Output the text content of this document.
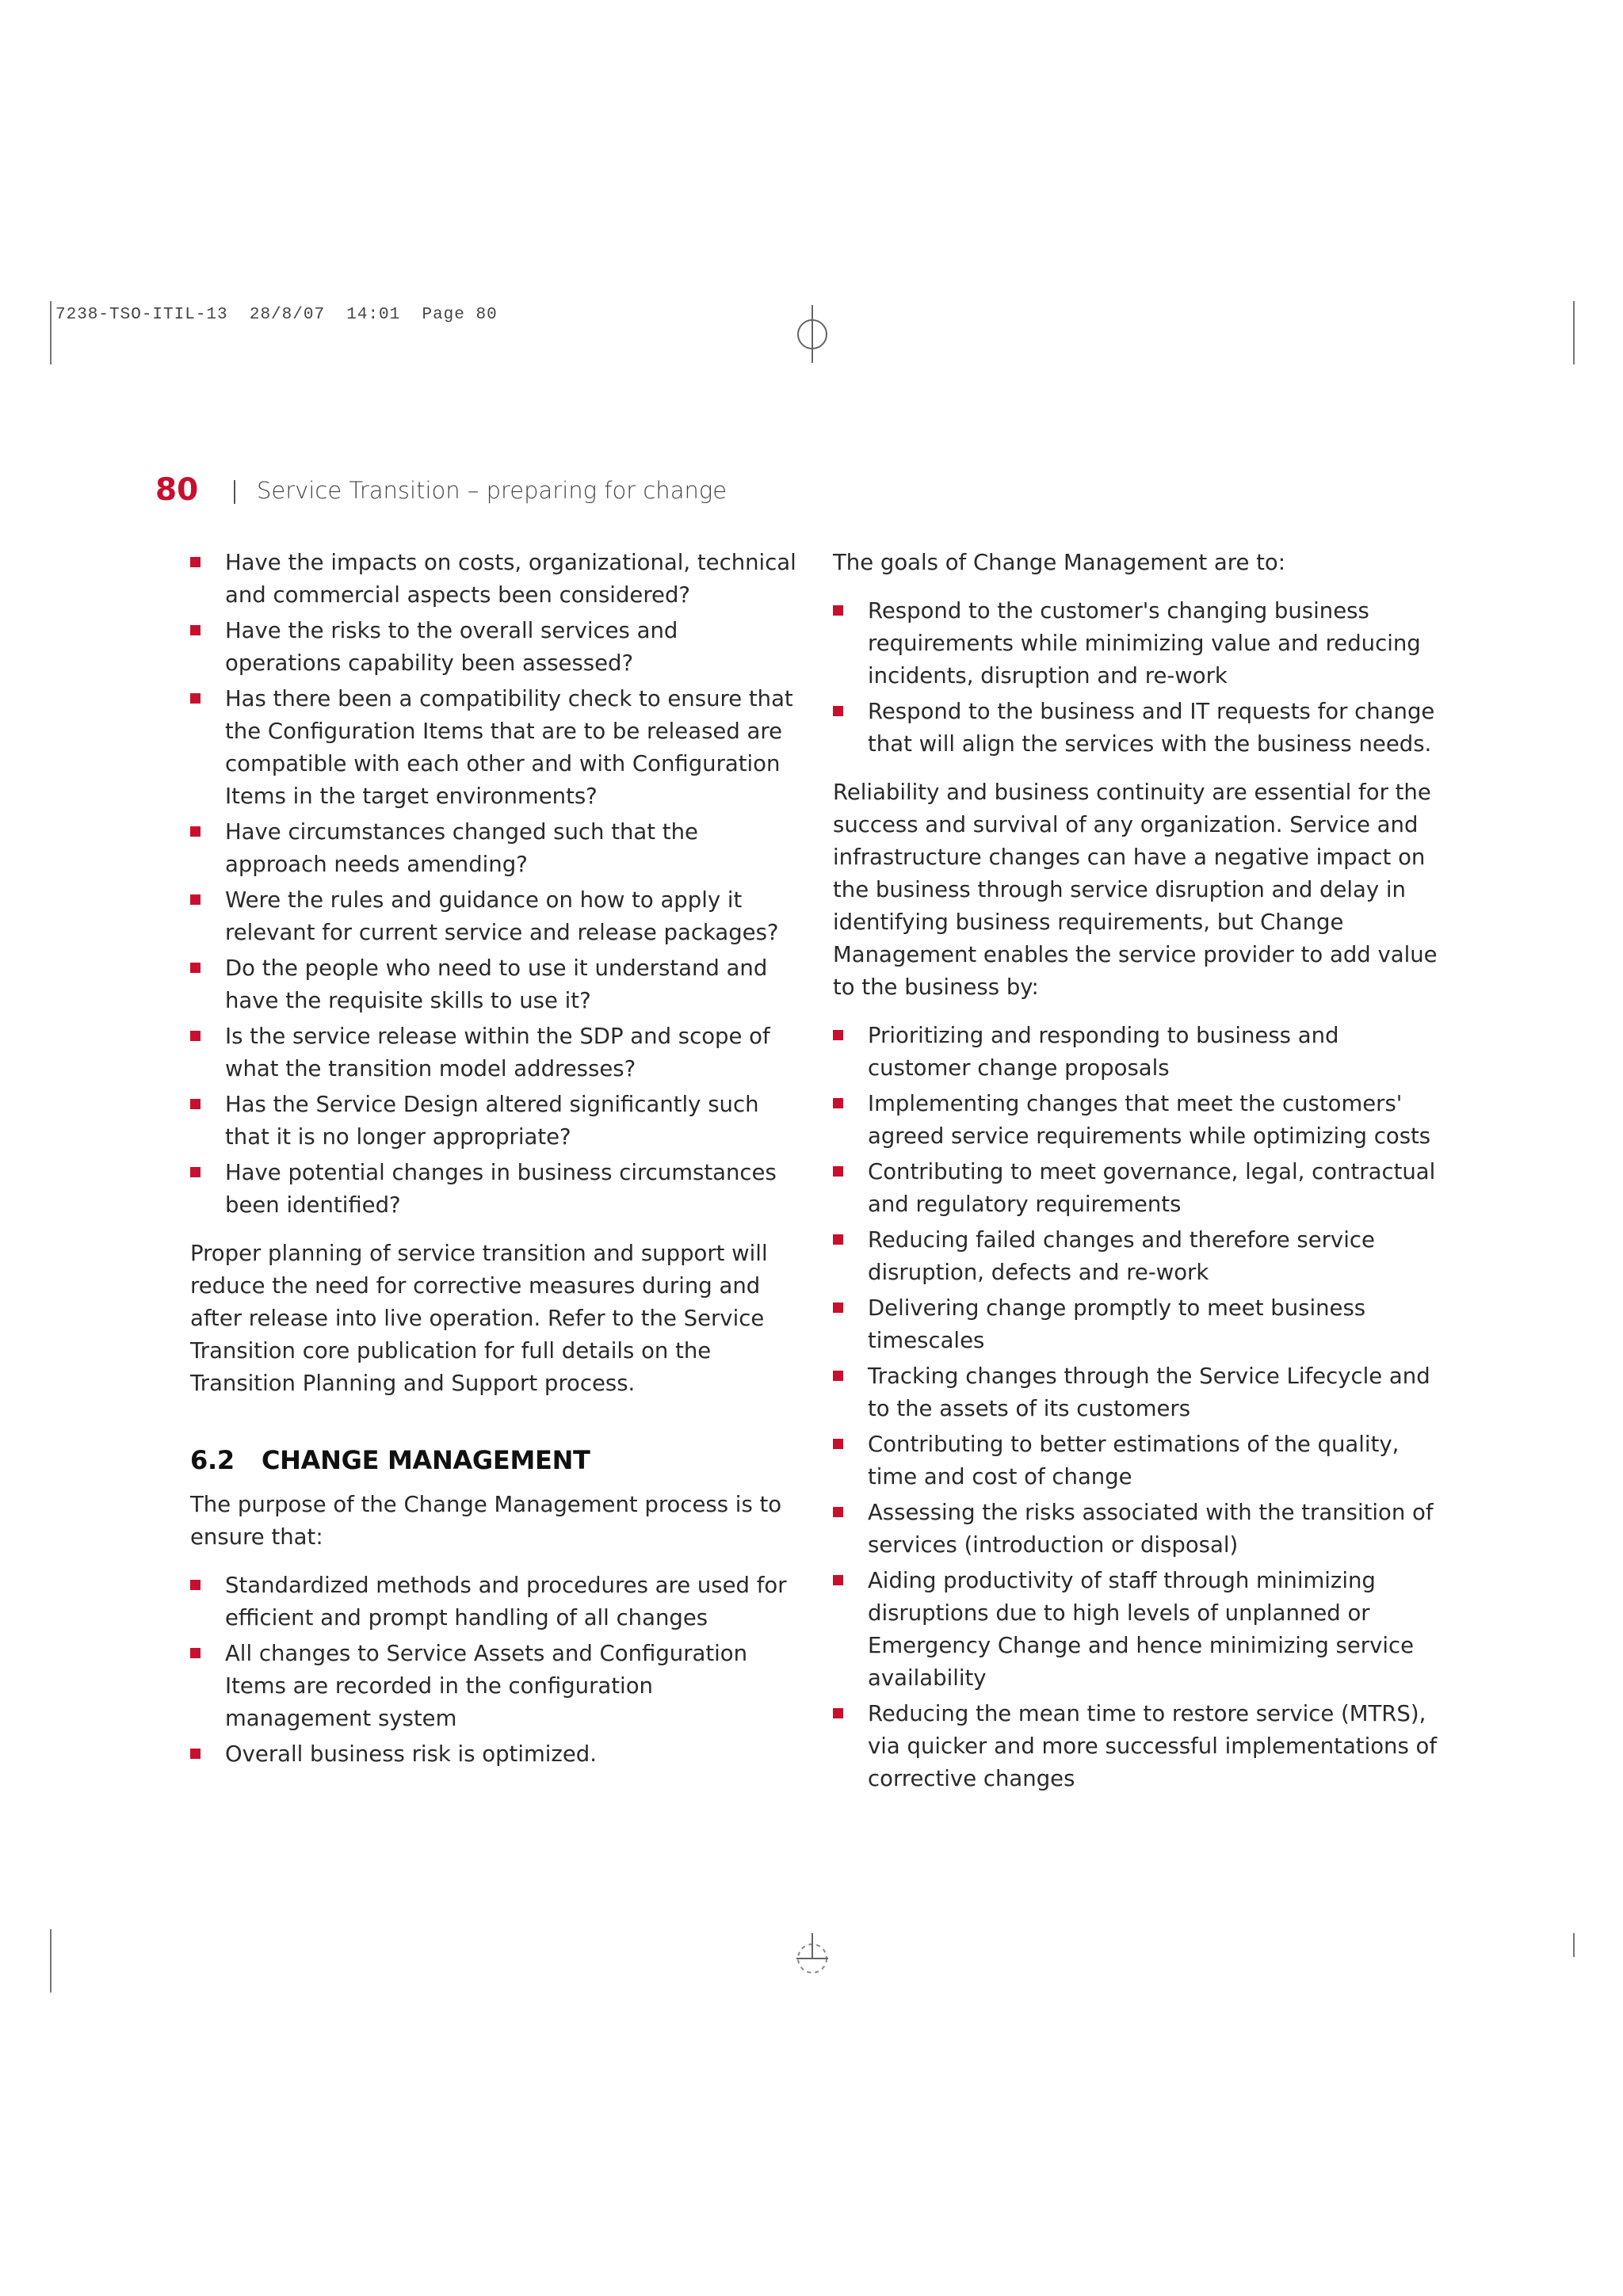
7238-TSO-ITIL-13  28/8/07  14:01  Page 80
80	Service Transition – preparing for change
Have the impacts on costs, organizational, technical and commercial aspects been considered?
Have the risks to the overall services and operations capability been assessed?
Has there been a compatibility check to ensure that the Configuration Items that are to be released are compatible with each other and with Configuration Items in the target environments?
Have circumstances changed such that the approach needs amending?
Were the rules and guidance on how to apply it relevant for current service and release packages?
Do the people who need to use it understand and have the requisite skills to use it?
Is the service release within the SDP and scope of what the transition model addresses?
Has the Service Design altered significantly such that it is no longer appropriate?
Have potential changes in business circumstances been identified?

Proper planning of service transition and support will reduce the need for corrective measures during and after release into live operation. Refer to the Service Transition core publication for full details on the Transition Planning and Support process.

6.2 CHANGE MANAGEMENT

The purpose of the Change Management process is to ensure that:

Standardized methods and procedures are used for efficient and prompt handling of all changes
All changes to Service Assets and Configuration Items are recorded in the configuration management system
Overall business risk is optimized.

The goals of Change Management are to:

Respond to the customer's changing business requirements while minimizing value and reducing incidents, disruption and re-work
Respond to the business and IT requests for change that will align the services with the business needs.

Reliability and business continuity are essential for the success and survival of any organization. Service and infrastructure changes can have a negative impact on the business through service disruption and delay in identifying business requirements, but Change Management enables the service provider to add value to the business by:

Prioritizing and responding to business and customer change proposals
Implementing changes that meet the customers' agreed service requirements while optimizing costs
Contributing to meet governance, legal, contractual and regulatory requirements
Reducing failed changes and therefore service disruption, defects and re-work
Delivering change promptly to meet business timescales
Tracking changes through the Service Lifecycle and to the assets of its customers
Contributing to better estimations of the quality, time and cost of change
Assessing the risks associated with the transition of services (introduction or disposal)
Aiding productivity of staff through minimizing disruptions due to high levels of unplanned or Emergency Change and hence minimizing service availability
Reducing the mean time to restore service (MTRS), via quicker and more successful implementations of corrective changes
